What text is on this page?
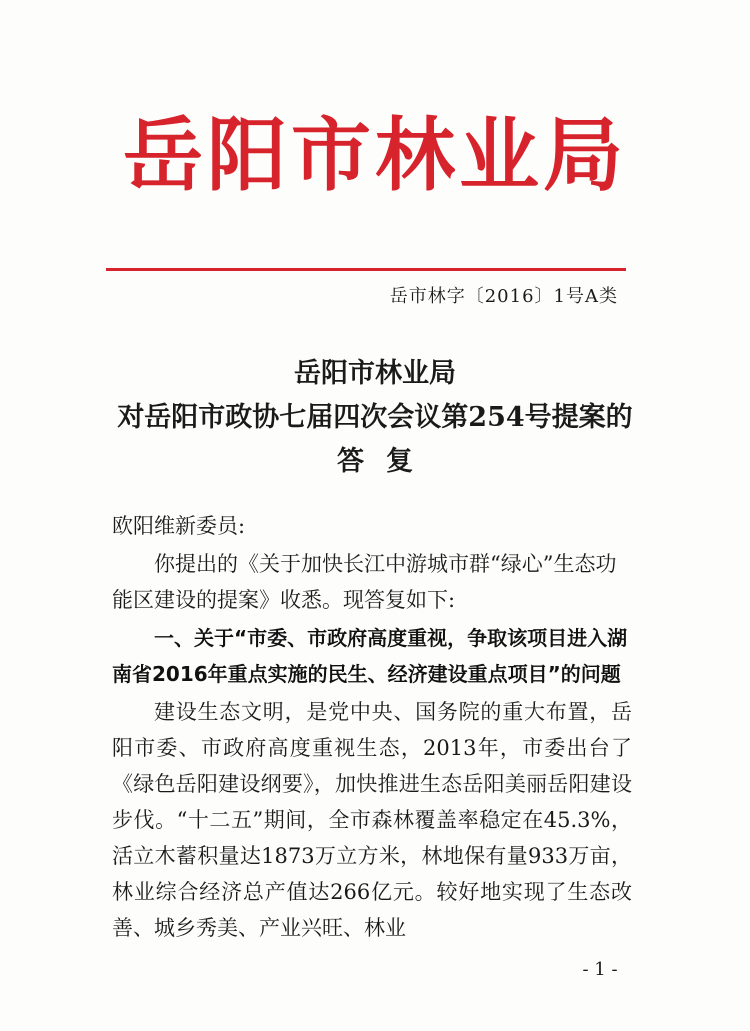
岳阳市林业局
岳市林字〔2016〕1号A类
岳阳市林业局
对岳阳市政协七届四次会议第254号提案的
答复
欧阳维新委员:
你提出的《关于加快长江中游城市群“绿心”生态功能区建设的提案》收悉。现答复如下:
一、关于“市委、市政府高度重视，争取该项目进入湖南省2016年重点实施的民生、经济建设重点项目”的问题
建设生态文明，是党中央、国务院的重大布置，岳阳市委、市政府高度重视生态，2013年，市委出台了《绿色岳阳建设纲要》，加快推进生态岳阳美丽岳阳建设步伐。“十二五”期间，全市森林覆盖率稳定在45.3%，活立木蓄积量达1873万立方米，林地保有量933万亩，林业综合经济总产值达266亿元。较好地实现了生态改善、城乡秀美、产业兴旺、林业
- 1 -
